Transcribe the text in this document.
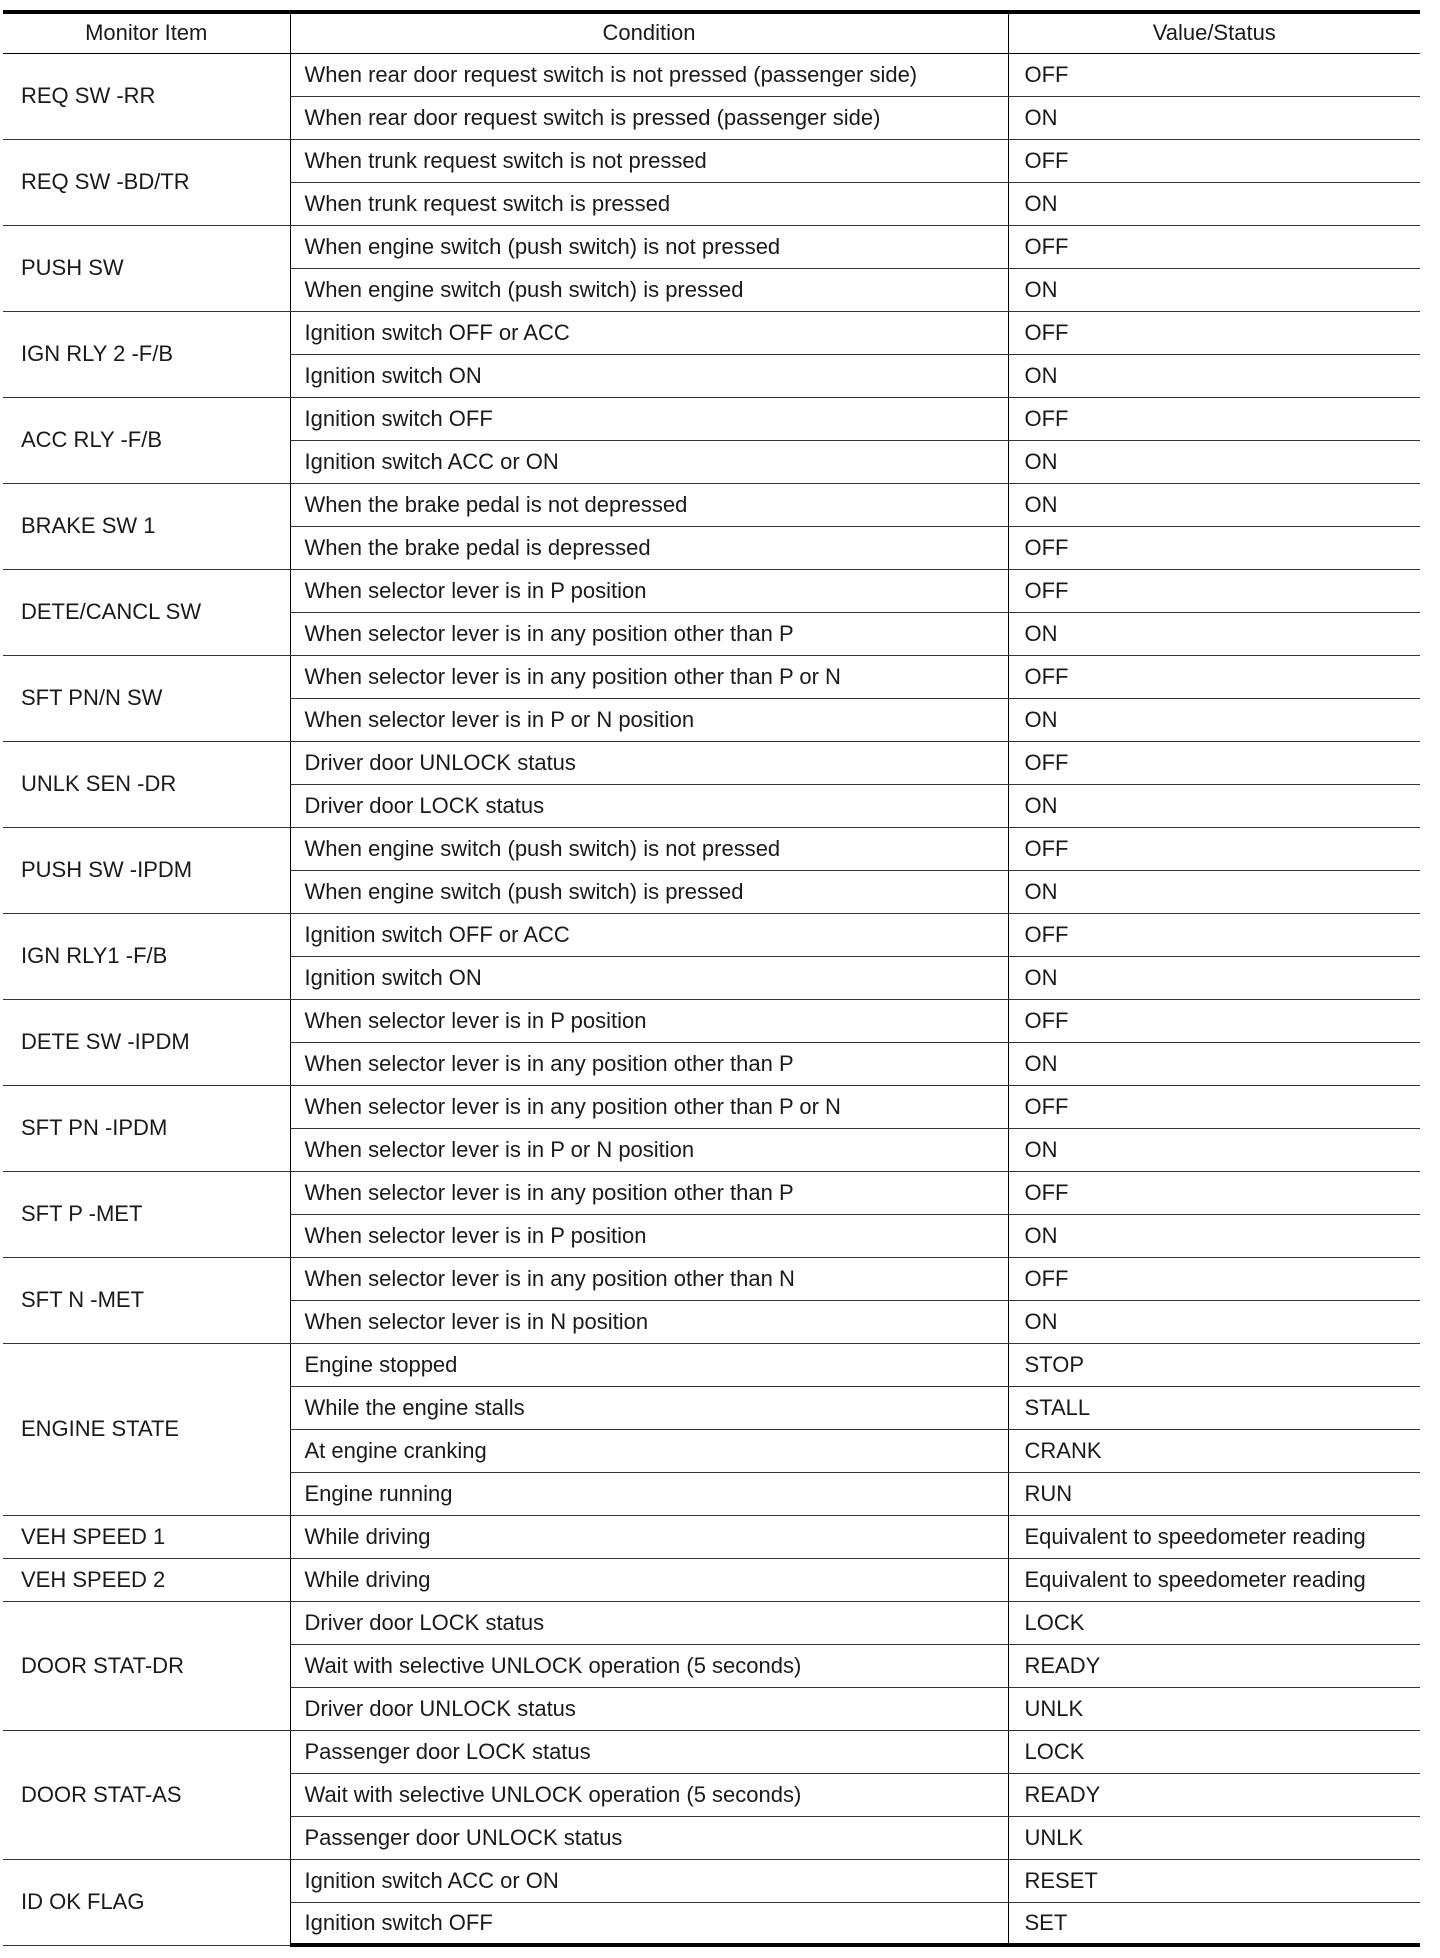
Monitor Item	Condition	Value/Status
REQ SW -RR	When rear door request switch is not pressed (passenger side)	OFF
	When rear door request switch is pressed (passenger side)	ON
REQ SW -BD/TR	When trunk request switch is not pressed	OFF
	When trunk request switch is pressed	ON
PUSH SW	When engine switch (push switch) is not pressed	OFF
	When engine switch (push switch) is pressed	ON
IGN RLY 2 -F/B	Ignition switch OFF or ACC	OFF
	Ignition switch ON	ON
ACC RLY -F/B	Ignition switch OFF	OFF
	Ignition switch ACC or ON	ON
BRAKE SW 1	When the brake pedal is not depressed	ON
	When the brake pedal is depressed	OFF
DETE/CANCL SW	When selector lever is in P position	OFF
	When selector lever is in any position other than P	ON
SFT PN/N SW	When selector lever is in any position other than P or N	OFF
	When selector lever is in P or N position	ON
UNLK SEN -DR	Driver door UNLOCK status	OFF
	Driver door LOCK status	ON
PUSH SW -IPDM	When engine switch (push switch) is not pressed	OFF
	When engine switch (push switch) is pressed	ON
IGN RLY1 -F/B	Ignition switch OFF or ACC	OFF
	Ignition switch ON	ON
DETE SW -IPDM	When selector lever is in P position	OFF
	When selector lever is in any position other than P	ON
SFT PN -IPDM	When selector lever is in any position other than P or N	OFF
	When selector lever is in P or N position	ON
SFT P -MET	When selector lever is in any position other than P	OFF
	When selector lever is in P position	ON
SFT N -MET	When selector lever is in any position other than N	OFF
	When selector lever is in N position	ON
ENGINE STATE	Engine stopped	STOP
	While the engine stalls	STALL
	At engine cranking	CRANK
	Engine running	RUN
VEH SPEED 1	While driving	Equivalent to speedometer reading
VEH SPEED 2	While driving	Equivalent to speedometer reading
DOOR STAT-DR	Driver door LOCK status	LOCK
	Wait with selective UNLOCK operation (5 seconds)	READY
	Driver door UNLOCK status	UNLK
DOOR STAT-AS	Passenger door LOCK status	LOCK
	Wait with selective UNLOCK operation (5 seconds)	READY
	Passenger door UNLOCK status	UNLK
ID OK FLAG	Ignition switch ACC or ON	RESET
	Ignition switch OFF	SET
